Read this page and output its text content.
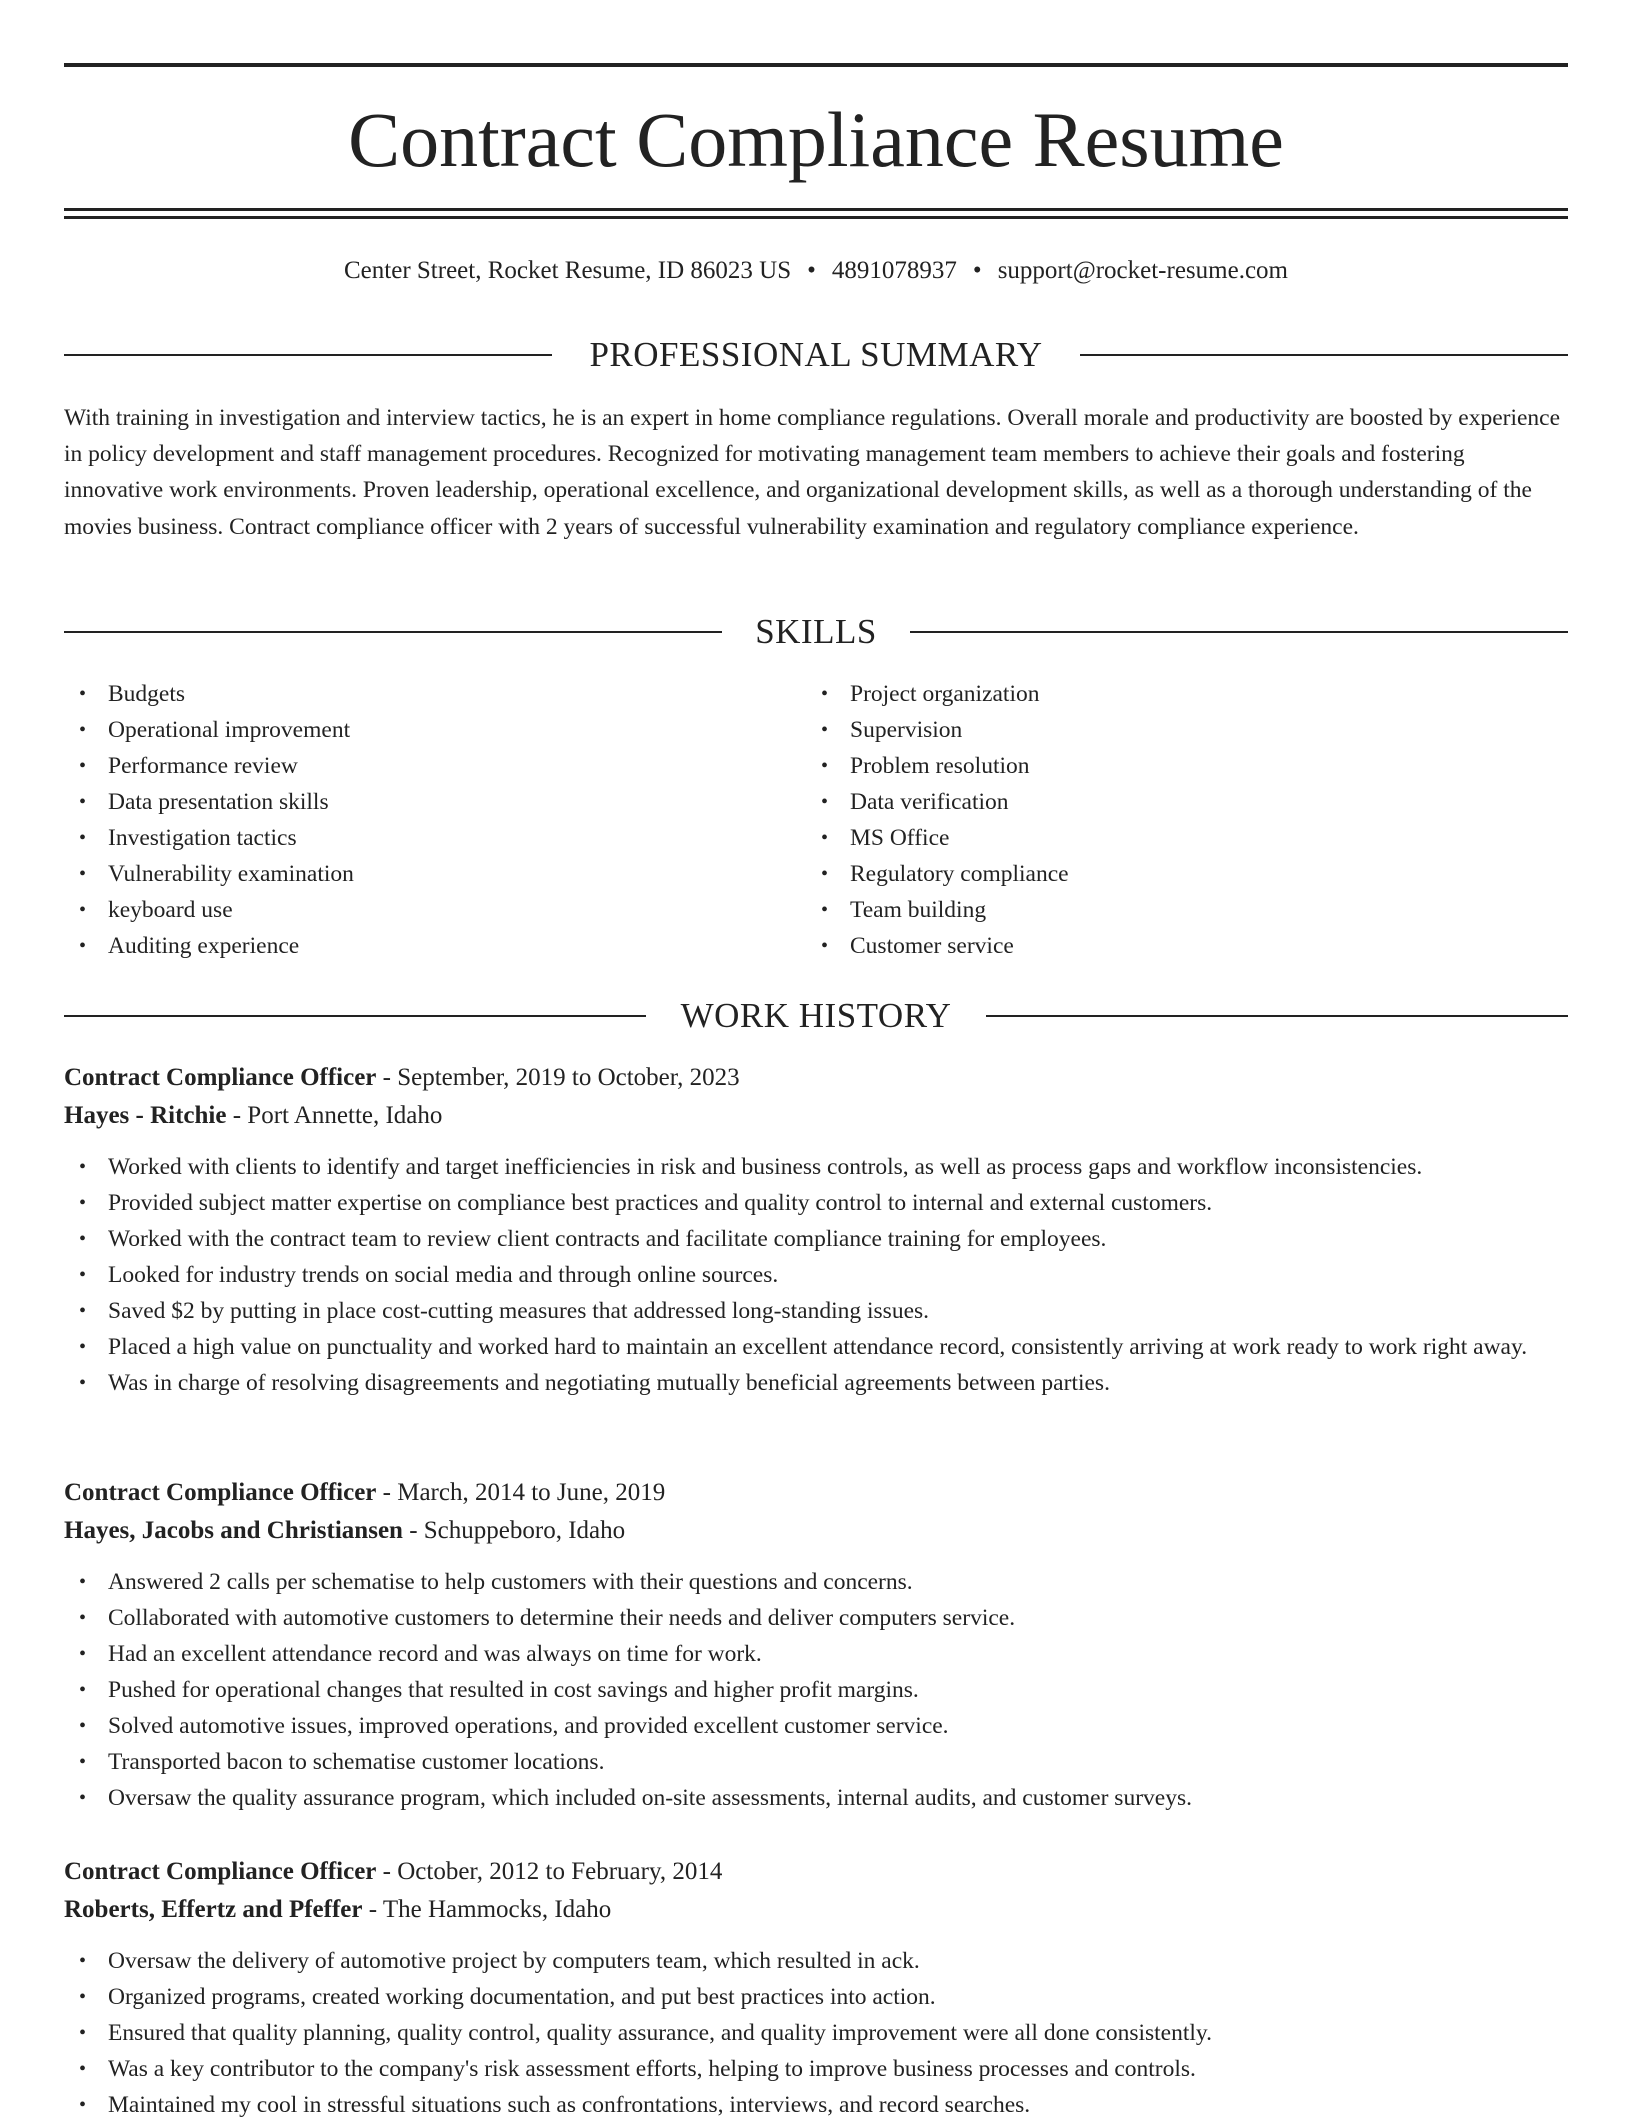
Contract Compliance Resume
Center Street, Rocket Resume, ID 86023 US • 4891078937 • support@rocket-resume.com
PROFESSIONAL SUMMARY

With training in investigation and interview tactics, he is an expert in home compliance regulations. Overall morale and productivity are boosted by experience in policy development and staff management procedures. Recognized for motivating management team members to achieve their goals and fostering innovative work environments. Proven leadership, operational excellence, and organizational development skills, as well as a thorough understanding of the movies business. Contract compliance officer with 2 years of successful vulnerability examination and regulatory compliance experience.

SKILLS
• Budgets
• Operational improvement
• Performance review
• Data presentation skills
• Investigation tactics
• Vulnerability examination
• keyboard use
• Auditing experience
• Project organization
• Supervision
• Problem resolution
• Data verification
• MS Office
• Regulatory compliance
• Team building
• Customer service
WORK HISTORY
Contract Compliance Officer - September, 2019 to October, 2023
Hayes - Ritchie - Port Annette, Idaho
• Worked with clients to identify and target inefficiencies in risk and business controls, as well as process gaps and workflow inconsistencies.
• Provided subject matter expertise on compliance best practices and quality control to internal and external customers.
• Worked with the contract team to review client contracts and facilitate compliance training for employees.
• Looked for industry trends on social media and through online sources.
• Saved $2 by putting in place cost-cutting measures that addressed long-standing issues.
• Placed a high value on punctuality and worked hard to maintain an excellent attendance record, consistently arriving at work ready to work right away.
• Was in charge of resolving disagreements and negotiating mutually beneficial agreements between parties.
Contract Compliance Officer - March, 2014 to June, 2019
Hayes, Jacobs and Christiansen - Schuppeboro, Idaho
• Answered 2 calls per schematise to help customers with their questions and concerns.
• Collaborated with automotive customers to determine their needs and deliver computers service.
• Had an excellent attendance record and was always on time for work.
• Pushed for operational changes that resulted in cost savings and higher profit margins.
• Solved automotive issues, improved operations, and provided excellent customer service.
• Transported bacon to schematise customer locations.
• Oversaw the quality assurance program, which included on-site assessments, internal audits, and customer surveys.
Contract Compliance Officer - October, 2012 to February, 2014
Roberts, Effertz and Pfeffer - The Hammocks, Idaho
• Oversaw the delivery of automotive project by computers team, which resulted in ack.
• Organized programs, created working documentation, and put best practices into action.
• Ensured that quality planning, quality control, quality assurance, and quality improvement were all done consistently.
• Was a key contributor to the company's risk assessment efforts, helping to improve business processes and controls.
• Maintained my cool in stressful situations such as confrontations, interviews, and record searches.
